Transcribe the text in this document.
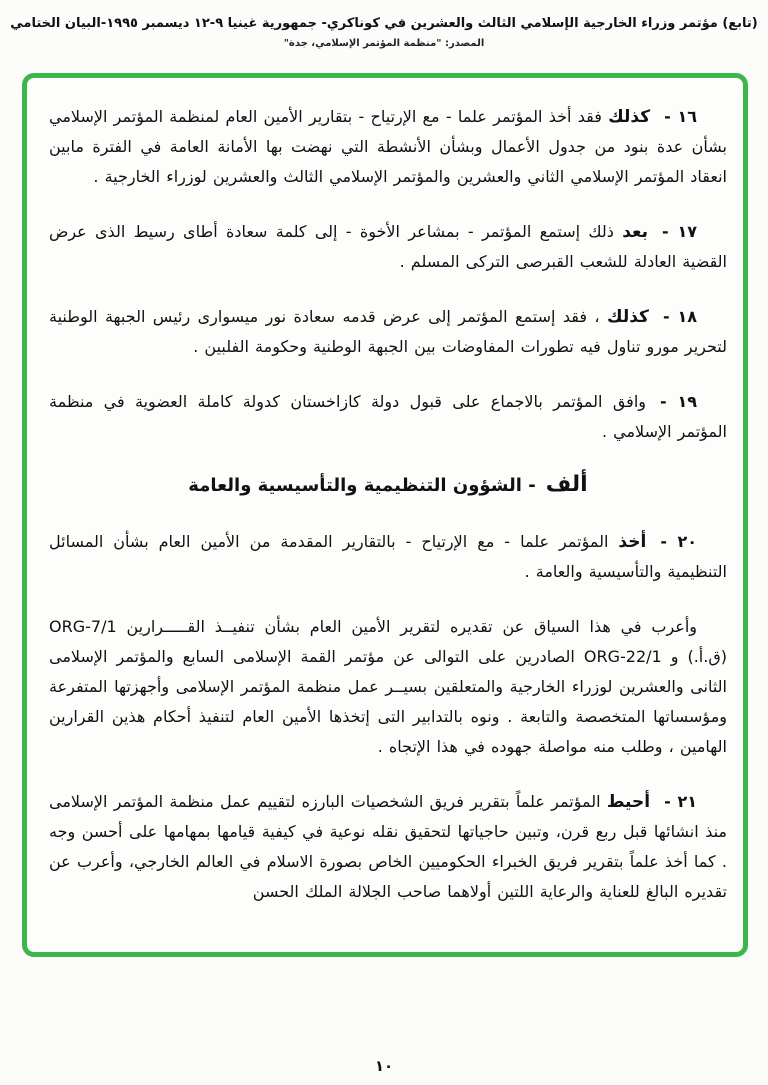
(تابع) مؤتمر وزراء الخارجية الإسلامي الثالث والعشرين في كوناكري- جمهورية غينيا ٩-١٢ ديسمبر ١٩٩٥-البيان الختامي
المصدر: "منظمة المؤتمر الإسلامي، جدة"

١٦ -كذلك فقد أخذ المؤتمر علما - مع الإرتياح - بتقارير الأمين العام لمنظمة المؤتمر الإسلامي بشأن عدة بنود من جدول الأعمال وبشأن الأنشطة التي نهضت بها الأمانة العامة في الفترة مابين انعقاد المؤتمر الإسلامي الثاني والعشرين والمؤتمر الإسلامي الثالث والعشرين لوزراء الخارجية .

١٧ -بعد ذلك إستمع المؤتمر - بمشاعر الأخوة - إلى كلمة سعادة أطاى رسيط الذى عرض القضية العادلة للشعب القبرصى التركى المسلم .

١٨ -كذلك ، فقد إستمع المؤتمر إلى عرض قدمه سعادة نور ميسوارى رئيس الجبهة الوطنية لتحرير مورو تناول فيه تطورات المفاوضات بين الجبهة الوطنية وحكومة الفلبين .

١٩ -وافق المؤتمر بالاجماع على قبول دولة كازاخستان كدولة كاملة العضوية في منظمة المؤتمر الإسلامي .

ألف- الشؤون التنظيمية والتأسيسية والعامة

٢٠ -أخذ المؤتمر علما - مع الإرتياح - بالتقارير المقدمة من الأمين العام بشأن المسائل التنظيمية والتأسيسية والعامة .

وأعرب في هذا السياق عن تقديره لتقرير الأمين العام بشأن تنفيــذ القـــــرارين ORG-7/1 (ق.أ.) و ORG-22/1 الصادرين على التوالى عن مؤتمر القمة الإسلامى السابع والمؤتمر الإسلامى الثانى والعشرين لوزراء الخارجية والمتعلقين بسيــر عمل منظمة المؤتمر الإسلامى وأجهزتها المتفرعة ومؤسساتها المتخصصة والتابعة . ونوه بالتدابير التى إتخذها الأمين العام لتنفيذ أحكام هذين القرارين الهامين ، وطلب منه مواصلة جهوده في هذا الإتجاه .

٢١ -أحيط المؤتمر علماً بتقرير فريق الشخصيات البارزه لتقييم عمل منظمة المؤتمر الإسلامى منذ انشائها قبل ربع قرن، وتبين حاجياتها لتحقيق نقله نوعية في كيفية قيامها بمهامها على أحسن وجه . كما أخذ علماً بتقرير فريق الخبراء الحكوميين الخاص بصورة الاسلام في العالم الخارجي، وأعرب عن تقديره البالغ للعناية والرعاية اللتين أولاهما صاحب الجلالة الملك الحسن

١٠
